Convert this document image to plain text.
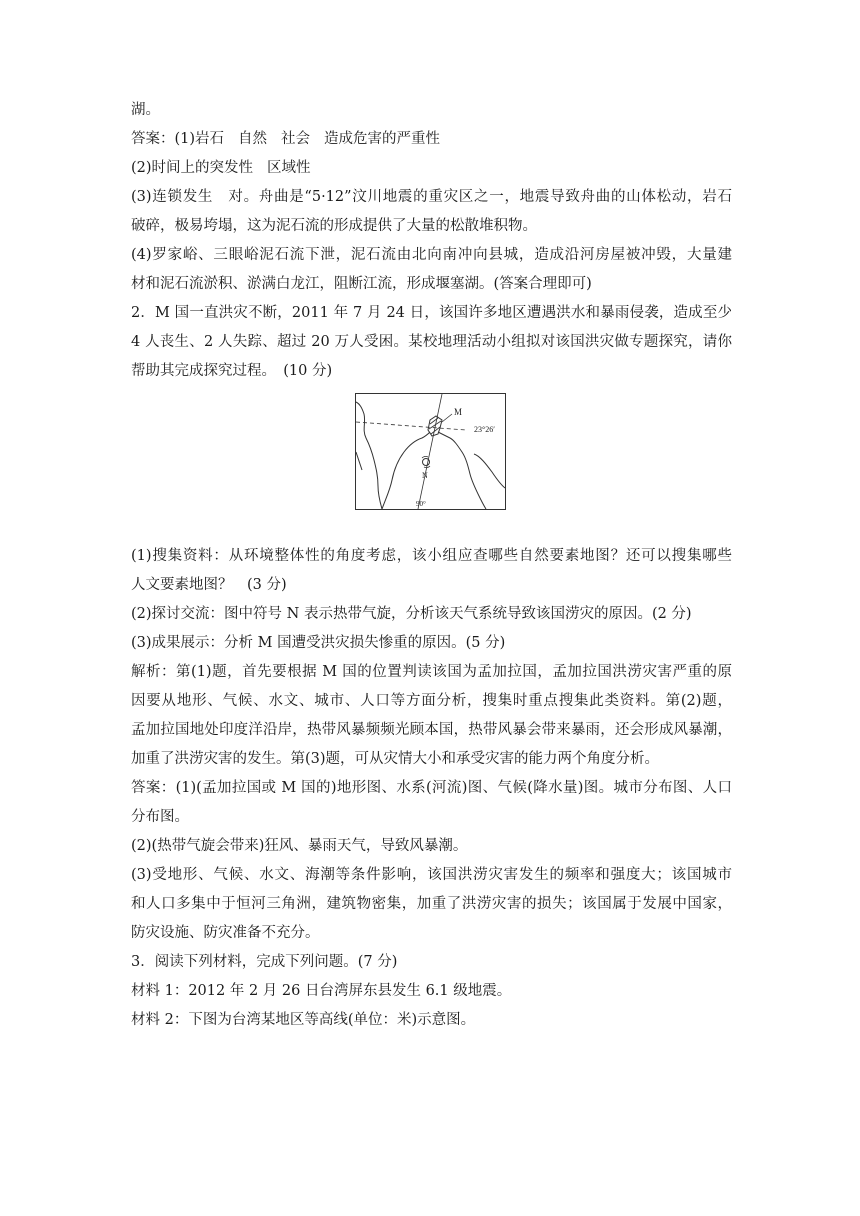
湖。
答案：(1)岩石 自然 社会 造成危害的严重性
(2)时间上的突发性 区域性
(3)连锁发生　对。舟曲是“5·12”汶川地震的重灾区之一，地震导致舟曲的山体松动，岩石
破碎，极易垮塌，这为泥石流的形成提供了大量的松散堆积物。
(4)罗家峪、三眼峪泥石流下泄，泥石流由北向南冲向县城，造成沿河房屋被冲毁，大量建
材和泥石流淤积、淤满白龙江，阻断江流，形成堰塞湖。(答案合理即可)
2．M 国一直洪灾不断，2011 年 7 月 24 日，该国许多地区遭遇洪水和暴雨侵袭，造成至少
4 人丧生、2 人失踪、超过 20 万人受困。某校地理活动小组拟对该国洪灾做专题探究，请你
帮助其完成探究过程。　(10 分)
M
23°26′
N
90°
(1)搜集资料：从环境整体性的角度考虑，该小组应查哪些自然要素地图？还可以搜集哪些
人文要素地图？　(3 分)
(2)探讨交流：图中符号 N 表示热带气旋，分析该天气系统导致该国涝灾的原因。(2 分)
(3)成果展示：分析 M 国遭受洪灾损失惨重的原因。(5 分)
解析：第(1)题，首先要根据 M 国的位置判读该国为孟加拉国，孟加拉国洪涝灾害严重的原
因要从地形、气候、水文、城市、人口等方面分析，搜集时重点搜集此类资料。第(2)题，
孟加拉国地处印度洋沿岸，热带风暴频频光顾本国，热带风暴会带来暴雨，还会形成风暴潮，
加重了洪涝灾害的发生。第(3)题，可从灾情大小和承受灾害的能力两个角度分析。
答案：(1)(孟加拉国或 M 国的)地形图、水系(河流)图、气候(降水量)图。城市分布图、人口
分布图。
(2)(热带气旋会带来)狂风、暴雨天气，导致风暴潮。
(3)受地形、气候、水文、海潮等条件影响，该国洪涝灾害发生的频率和强度大；该国城市
和人口多集中于恒河三角洲，建筑物密集，加重了洪涝灾害的损失；该国属于发展中国家，
防灾设施、防灾准备不充分。
3．阅读下列材料，完成下列问题。(7 分)
材料 1：2012 年 2 月 26 日台湾屏东县发生 6.1 级地震。
材料 2：下图为台湾某地区等高线(单位：米)示意图。
